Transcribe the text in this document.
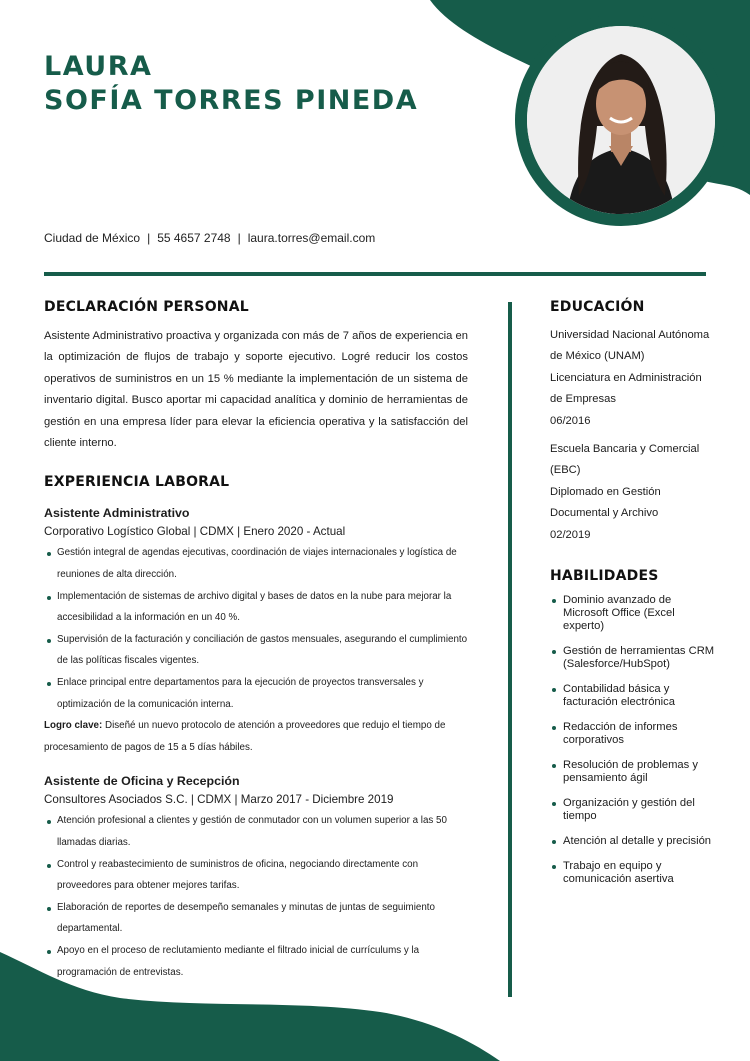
LAURA
SOFÍA TORRES PINEDA
Ciudad de México | 55 4657 2748 | laura.torres@email.com
DECLARACIÓN PERSONAL

Asistente Administrativo proactiva y organizada con más de 7 años de experiencia en la optimización de flujos de trabajo y soporte ejecutivo. Logré reducir los costos operativos de suministros en un 15 % mediante la implementación de un sistema de inventario digital. Busco aportar mi capacidad analítica y dominio de herramientas de gestión en una empresa líder para elevar la eficiencia operativa y la satisfacción del cliente interno.

EXPERIENCIA LABORAL
Asistente Administrativo
Corporativo Logístico Global | CDMX | Enero 2020 - Actual
Gestión integral de agendas ejecutivas, coordinación de viajes internacionales y logística de reuniones de alta dirección.
Implementación de sistemas de archivo digital y bases de datos en la nube para mejorar la accesibilidad a la información en un 40 %.
Supervisión de la facturación y conciliación de gastos mensuales, asegurando el cumplimiento de las políticas fiscales vigentes.
Enlace principal entre departamentos para la ejecución de proyectos transversales y optimización de la comunicación interna.

Logro clave: Diseñé un nuevo protocolo de atención a proveedores que redujo el tiempo de procesamiento de pagos de 15 a 5 días hábiles.

Asistente de Oficina y Recepción
Consultores Asociados S.C. | CDMX | Marzo 2017 - Diciembre 2019
Atención profesional a clientes y gestión de conmutador con un volumen superior a las 50 llamadas diarias.
Control y reabastecimiento de suministros de oficina, negociando directamente con proveedores para obtener mejores tarifas.
Elaboración de reportes de desempeño semanales y minutas de juntas de seguimiento departamental.
Apoyo en el proceso de reclutamiento mediante el filtrado inicial de currículums y la programación de entrevistas.
EDUCACIÓN
Universidad Nacional Autónoma de México (UNAM)
Licenciatura en Administración de Empresas
06/2016
Escuela Bancaria y Comercial (EBC)
Diplomado en Gestión Documental y Archivo
02/2019
HABILIDADES
Dominio avanzado de Microsoft Office (Excel experto)
Gestión de herramientas CRM (Salesforce/HubSpot)
Contabilidad básica y facturación electrónica
Redacción de informes corporativos
Resolución de problemas y pensamiento ágil
Organización y gestión del tiempo
Atención al detalle y precisión
Trabajo en equipo y comunicación asertiva
